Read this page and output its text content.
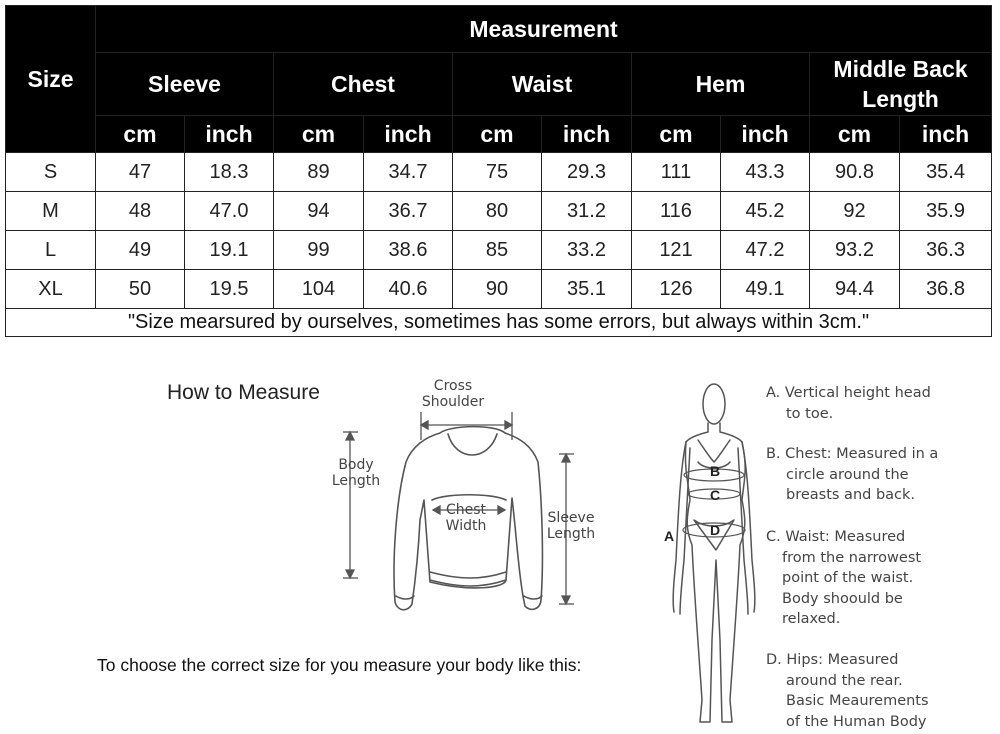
Size	Measurement									
	Sleeve		Chest		Waist		Hem		Middle Back Length	
	cm	inch	cm	inch	cm	inch	cm	inch	cm	inch
S	47	18.3	89	34.7	75	29.3	111	43.3	90.8	35.4
M	48	47.0	94	36.7	80	31.2	116	45.2	92	35.9
L	49	19.1	99	38.6	85	33.2	121	47.2	93.2	36.3
XL	50	19.5	104	40.6	90	35.1	126	49.1	94.4	36.8
"Size mearsured by ourselves, sometimes has some errors, but always within 3cm."										
How to Measure
To choose the correct size for you measure your body like this:
Cross
Shoulder
Body
Length
Chest
Width	Sleeve
Length	A
B
C
D
A. Vertical height head
to toe.
B. Chest: Measured in a
circle around the
breasts and back.
C. Waist: Measured
from the narrowest
point of the waist.
Body shoould be
relaxed.
D. Hips: Measured
around the rear.
Basic Meaurements
of the Human Body
